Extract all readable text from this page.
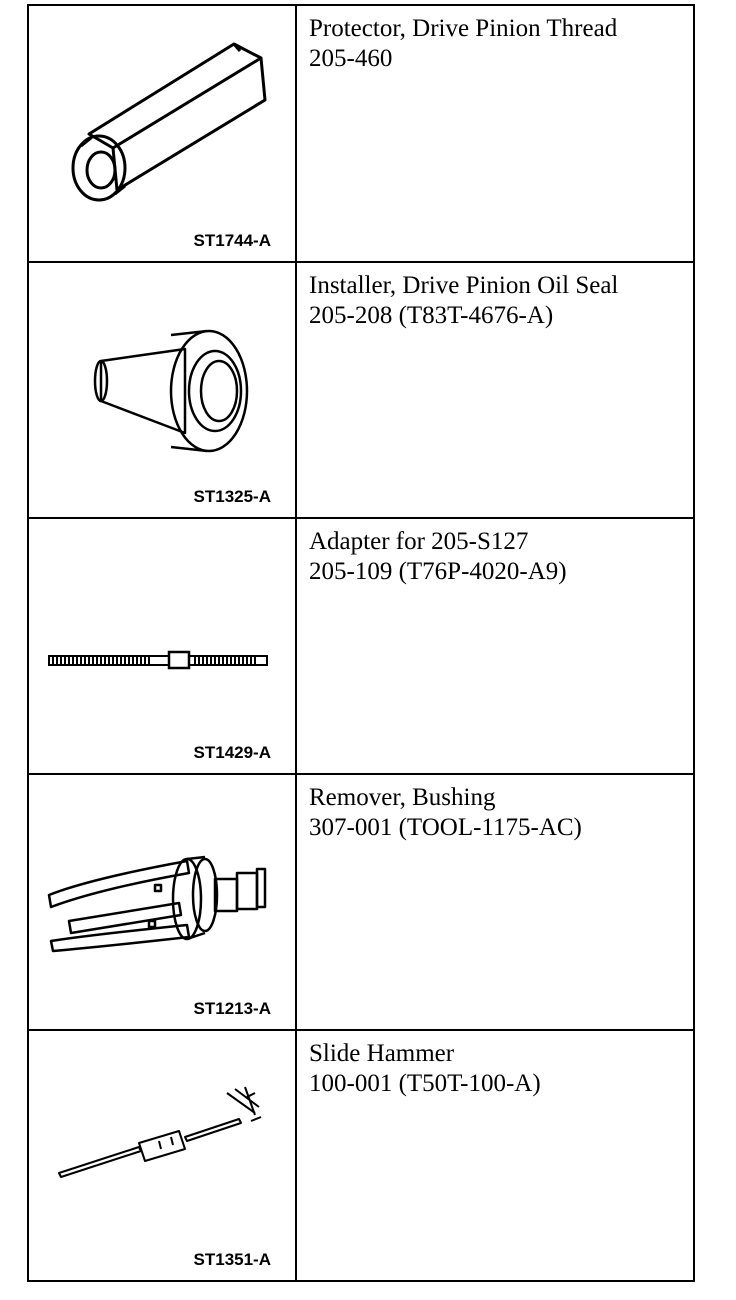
ST1744-A
Protector, Drive Pinion Thread
205-460
ST1325-A
Installer, Drive Pinion Oil Seal
205-208 (T83T-4676-A)
ST1429-A
Adapter for 205-S127
205-109 (T76P-4020-A9)
ST1213-A
Remover, Bushing
307-001 (TOOL-1175-AC)
ST1351-A
Slide Hammer
100-001 (T50T-100-A)
